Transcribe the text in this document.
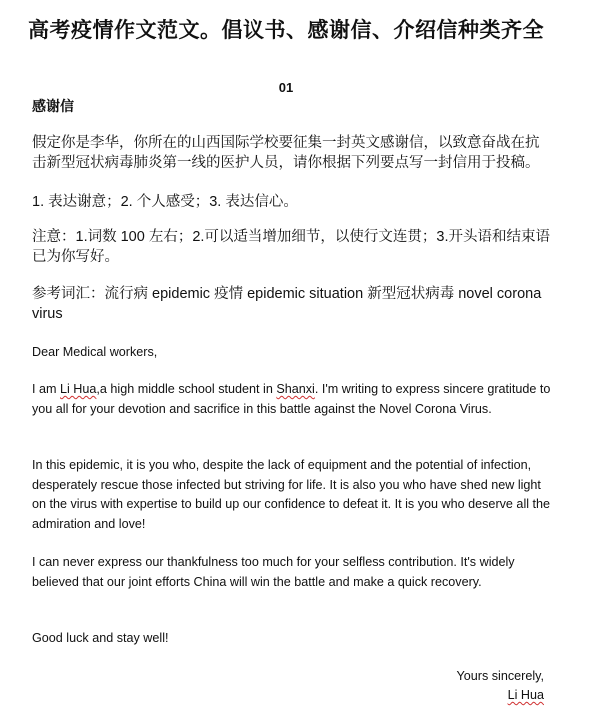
高考疫情作文范文。倡议书、感谢信、介绍信种类齐全
01
感谢信
假定你是李华，你所在的山西国际学校要征集一封英文感谢信，以致意奋战在抗击新型冠状病毒肺炎第一线的医护人员，请你根据下列要点写一封信用于投稿。
1. 表达谢意；2. 个人感受；3. 表达信心。
注意：1.词数 100 左右；2.可以适当增加细节，以使行文连贯；3.开头语和结束语已为你写好。
参考词汇：流行病 epidemic 疫情 epidemic situation 新型冠状病毒 novel corona virus
Dear Medical workers,
I am Li Hua,a high middle school student in Shanxi. I'm writing to express sincere gratitude to you all for your devotion and sacrifice in this battle against the Novel Corona Virus.
In this epidemic, it is you who, despite the lack of equipment and the potential of infection, desperately rescue those infected but striving for life. It is also you who have shed new light on the virus with expertise to build up our confidence to defeat it. It is you who deserve all the admiration and love!
I can never express our thankfulness too much for your selfless contribution. It's widely believed that our joint efforts China will win the battle and make a quick recovery.
Good luck and stay well!
Yours sincerely,
Li Hua
